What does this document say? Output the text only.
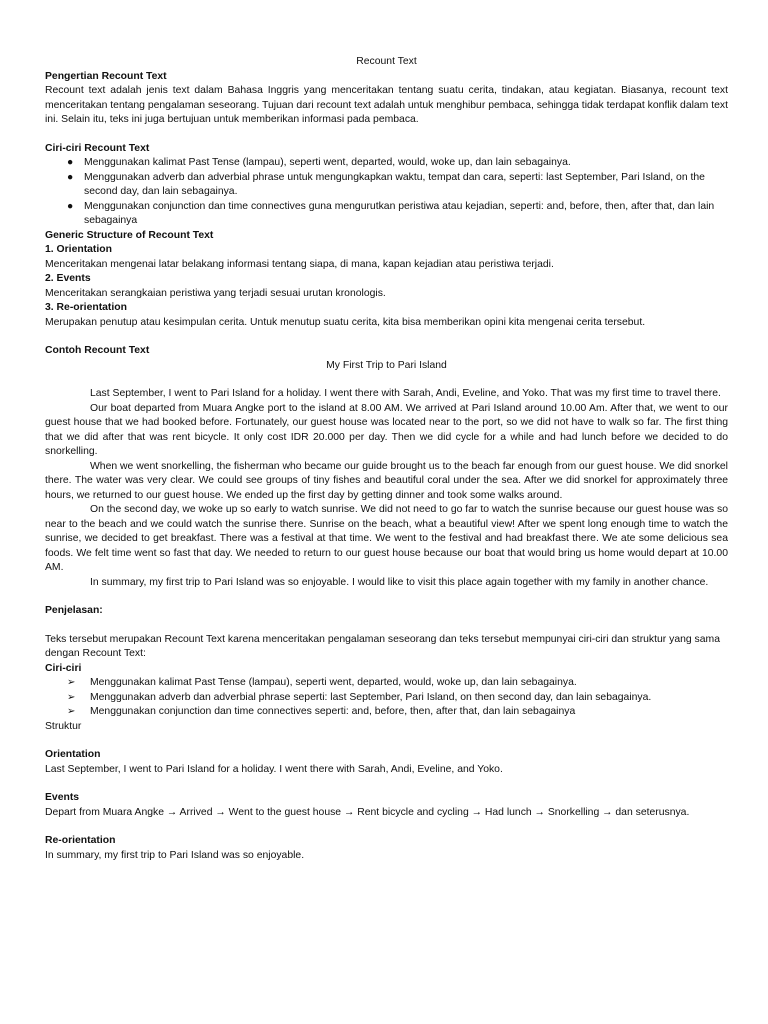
Recount Text

Pengertian Recount Text

Recount text adalah jenis text dalam Bahasa Inggris yang menceritakan tentang suatu cerita, tindakan, atau kegiatan. Biasanya, recount text menceritakan tentang pengalaman seseorang. Tujuan dari recount text adalah untuk menghibur pembaca, sehingga tidak terdapat konflik dalam text ini. Selain itu, teks ini juga bertujuan untuk memberikan informasi pada pembaca.

Ciri-ciri Recount Text

●	Menggunakan kalimat Past Tense (lampau), seperti went, departed, would, woke up, dan lain sebagainya.
●	Menggunakan adverb dan adverbial phrase untuk mengungkapkan waktu, tempat dan cara, seperti: last September, Pari Island, on the second day, dan lain sebagainya.
●	Menggunakan conjunction dan time connectives guna mengurutkan peristiwa atau kejadian, seperti: and, before, then, after that, dan lain sebagainya

Generic Structure of Recount Text

1. Orientation

Menceritakan mengenai latar belakang informasi tentang siapa, di mana, kapan kejadian atau peristiwa terjadi.

2. Events

Menceritakan serangkaian peristiwa yang terjadi sesuai urutan kronologis.

3. Re-orientation

Merupakan penutup atau kesimpulan cerita. Untuk menutup suatu cerita, kita bisa memberikan opini kita mengenai cerita tersebut.

Contoh Recount Text

My First Trip to Pari Island

Last September, I went to Pari Island for a holiday. I went there with Sarah, Andi, Eveline, and Yoko. That was my first time to travel there.

Our boat departed from Muara Angke port to the island at 8.00 AM. We arrived at Pari Island around 10.00 Am. After that, we went to our guest house that we had booked before. Fortunately, our guest house was located near to the port, so we did not have to walk so far. The first thing that we did after that was rent bicycle. It only cost IDR 20.000 per day. Then we did cycle for a while and had lunch before we decided to do snorkelling.

When we went snorkelling, the fisherman who became our guide brought us to the beach far enough from our guest house. We did snorkel there. The water was very clear. We could see groups of tiny fishes and beautiful coral under the sea. After we did snorkel for approximately three hours, we returned to our guest house. We ended up the first day by getting dinner and took some walks around.

On the second day, we woke up so early to watch sunrise. We did not need to go far to watch the sunrise because our guest house was so near to the beach and we could watch the sunrise there. Sunrise on the beach, what a beautiful view! After we spent long enough time to watch the sunrise, we decided to get breakfast. There was a festival at that time. We went to the festival and had breakfast there. We ate some delicious sea foods. We felt time went so fast that day. We needed to return to our guest house because our boat that would bring us home would depart at 10.00 AM.

In summary, my first trip to Pari Island was so enjoyable. I would like to visit this place again together with my family in another chance.

Penjelasan:

Teks tersebut merupakan Recount Text karena menceritakan pengalaman seseorang dan teks tersebut mempunyai ciri-ciri dan struktur yang sama dengan Recount Text:

Ciri-ciri

➢ Menggunakan kalimat Past Tense (lampau), seperti went, departed, would, woke up, dan lain sebagainya.
➢ Menggunakan adverb dan adverbial phrase seperti: last September, Pari Island, on then second day, dan lain sebagainya.
➢ Menggunakan conjunction dan time connectives seperti: and, before, then, after that, dan lain sebagainya

Struktur

Orientation

Last September, I went to Pari Island for a holiday. I went there with Sarah, Andi, Eveline, and Yoko.

Events

Depart from Muara Angke → Arrived → Went to the guest house → Rent bicycle and cycling → Had lunch → Snorkelling → dan seterusnya.

Re-orientation

In summary, my first trip to Pari Island was so enjoyable.
